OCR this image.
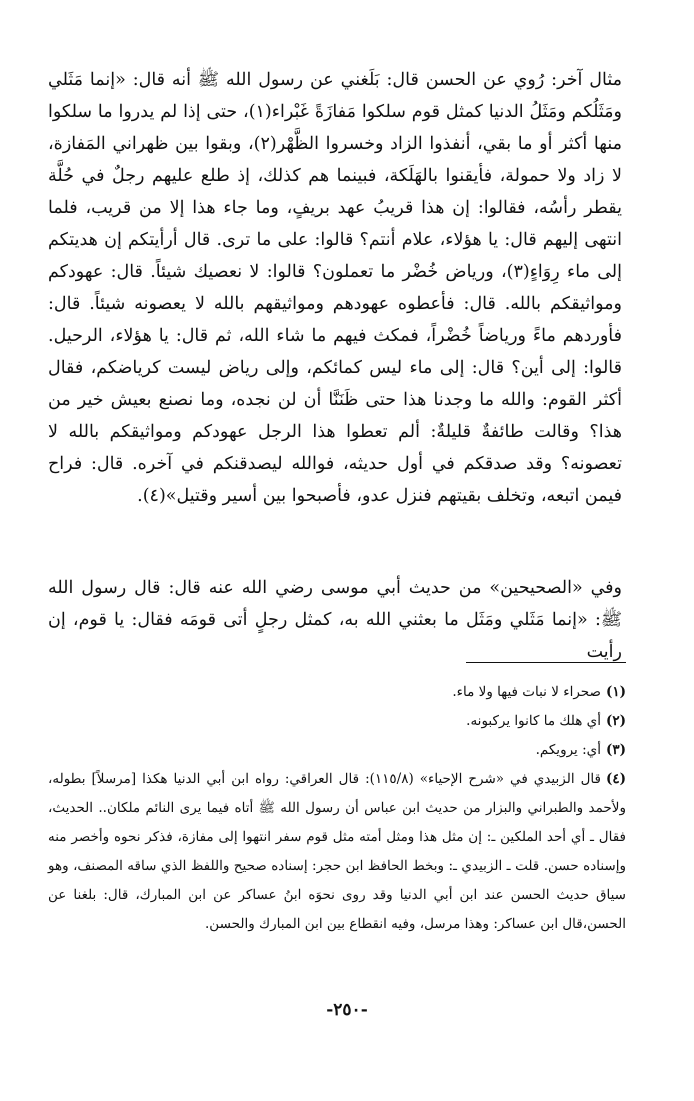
مثال آخر: رُوي عن الحسن قال: بَلَغني عن رسول الله ﷺ أنه قال: «إنما مَثَلي ومَثَلُكم ومَثَلُ الدنيا كمثل قوم سلكوا مَفازَةً غَبْراء(١)، حتى إذا لم يدروا ما سلكوا منها أكثر أو ما بقي، أنفذوا الزاد وخسروا الظَّهْر(٢)، وبقوا بين ظهراني المَفازة، لا زاد ولا حمولة، فأيقنوا بالهَلَكة، فبينما هم كذلك، إذ طلع عليهم رجلٌ في حُلَّة يقطر رأسُه، فقالوا: إن هذا قريبُ عهد بريفٍ، وما جاء هذا إلا من قريب، فلما انتهى إليهم قال: يا هؤلاء، علام أنتم؟ قالوا: على ما ترى. قال أرأيتكم إن هديتكم إلى ماء رِوَاءٍ(٣)، ورياض خُضْر ما تعملون؟ قالوا: لا نعصيك شيئاً. قال: عهودكم ومواثيقكم بالله. قال: فأعطوه عهودهم ومواثيقهم بالله لا يعصونه شيئاً. قال: فأوردهم ماءً ورياضاً خُضْراً، فمكث فيهم ما شاء الله، ثم قال: يا هؤلاء، الرحيل. قالوا: إلى أين؟ قال: إلى ماء ليس كمائكم، وإلى رياض ليست كرياضكم، فقال أكثر القوم: والله ما وجدنا هذا حتى ظَنَنَّا أن لن نجده، وما نصنع بعيش خير من هذا؟ وقالت طائفةٌ قليلةٌ: ألم تعطوا هذا الرجل عهودكم ومواثيقكم بالله لا تعصونه؟ وقد صدقكم في أول حديثه، فوالله ليصدقنكم في آخره. قال: فراح فيمن اتبعه، وتخلف بقيتهم فنزل عدو، فأصبحوا بين أسير وقتيل»(٤).

وفي «الصحيحين» من حديث أبي موسى رضي الله عنه قال: قال رسول الله ﷺ: «إنما مَثَلي ومَثَل ما بعثني الله به، كمثل رجلٍ أتى قومَه فقال: يا قوم، إن رأيت

(١)صحراء لا نبات فيها ولا ماء.

(٢)أي هلك ما كانوا يركبونه.

(٣)أي: يرويكم.

(٤)قال الزبيدي في «شرح الإحياء» (١١٥/٨): قال العراقي: رواه ابن أبي الدنيا هكذا [مرسلاً] بطوله، ولأحمد والطبراني والبزار من حديث ابن عباس أن رسول الله ﷺ أتاه فيما يرى النائم ملكان.. الحديث، فقال ـ أي أحد الملكين ـ: إن مثل هذا ومثل أمته مثل قوم سفر انتهوا إلى مفازة، فذكر نحوه وأخصر منه وإسناده حسن. قلت ـ الزبيدي ـ: وبخط الحافظ ابن حجر: إسناده صحيح واللفظ الذي ساقه المصنف، وهو سياق حديث الحسن عند ابن أبي الدنيا وقد روى نحوَه ابنُ عساكر عن ابن المبارك، قال: بلغنا عن الحسن،قال ابن عساكر: وهذا مرسل، وفيه انقطاع بين ابن المبارك والحسن.

-٢٥٠-
